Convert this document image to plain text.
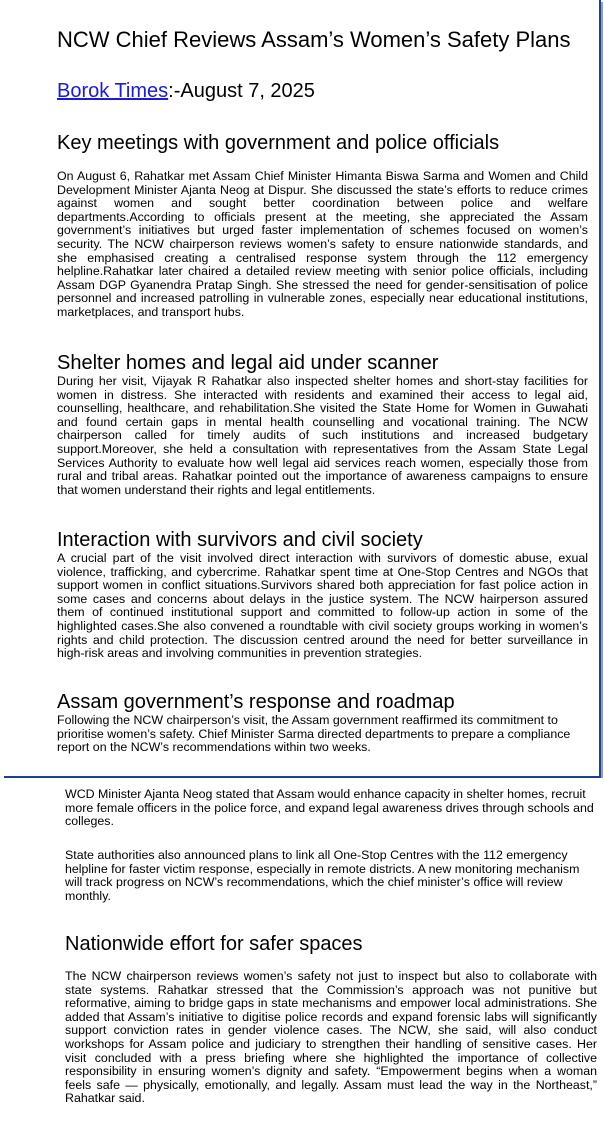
NCW Chief Reviews Assam’s Women’s Safety Plans
Borok Times:-August 7, 2025
Key meetings with government and police officials
On August 6, Rahatkar met Assam Chief Minister Himanta Biswa Sarma and Women and Child Development Minister Ajanta Neog at Dispur. She discussed the state’s efforts to reduce crimes against women and sought better coordination between police and welfare departments.According to officials present at the meeting, she appreciated the Assam government’s initiatives but urged faster implementation of schemes focused on women’s security. The NCW chairperson reviews women’s safety to ensure nationwide standards, and she emphasised creating a centralised response system through the 112 emergency helpline.Rahatkar later chaired a detailed review meeting with senior police officials, including Assam DGP Gyanendra Pratap Singh. She stressed the need for gender-sensitisation of police personnel and increased patrolling in vulnerable zones, especially near educational institutions, marketplaces, and transport hubs.
Shelter homes and legal aid under scanner
During her visit, Vijayak R Rahatkar also inspected shelter homes and short-stay facilities for women in distress. She interacted with residents and examined their access to legal aid, counselling, healthcare, and rehabilitation.She visited the State Home for Women in Guwahati and found certain gaps in mental health counselling and vocational training. The NCW chairperson called for timely audits of such institutions and increased budgetary support.Moreover, she held a consultation with representatives from the Assam State Legal Services Authority to evaluate how well legal aid services reach women, especially those from rural and tribal areas. Rahatkar pointed out the importance of awareness campaigns to ensure that women understand their rights and legal entitlements.
Interaction with survivors and civil society
A crucial part of the visit involved direct interaction with survivors of domestic abuse, exual violence, trafficking, and cybercrime. Rahatkar spent time at One-Stop Centres and NGOs that support women in conflict situations.Survivors shared both appreciation for fast police action in some cases and concerns about delays in the justice system. The NCW hairperson assured them of continued institutional support and committed to follow-up action in some of the highlighted cases.She also convened a roundtable with civil society groups working in women’s rights and child protection. The discussion centred around the need for better surveillance in high-risk areas and involving communities in prevention strategies.
Assam government’s response and roadmap
Following the NCW chairperson’s visit, the Assam government reaffirmed its commitment to prioritise women’s safety. Chief Minister Sarma directed departments to prepare a compliance report on the NCW’s recommendations within two weeks.
WCD Minister Ajanta Neog stated that Assam would enhance capacity in shelter homes, recruit more female officers in the police force, and expand legal awareness drives through schools and colleges.
State authorities also announced plans to link all One-Stop Centres with the 112 emergency helpline for faster victim response, especially in remote districts. A new monitoring mechanism will track progress on NCW’s recommendations, which the chief minister’s office will review monthly.
Nationwide effort for safer spaces
The NCW chairperson reviews women’s safety not just to inspect but also to collaborate with state systems. Rahatkar stressed that the Commission’s approach was not punitive but reformative, aiming to bridge gaps in state mechanisms and empower local administrations. She added that Assam’s initiative to digitise police records and expand forensic labs will significantly support conviction rates in gender violence cases. The NCW, she said, will also conduct workshops for Assam police and judiciary to strengthen their handling of sensitive cases. Her visit concluded with a press briefing where she highlighted the importance of collective responsibility in ensuring women’s dignity and safety. “Empowerment begins when a woman feels safe — physically, emotionally, and legally. Assam must lead the way in the Northeast,” Rahatkar said.
